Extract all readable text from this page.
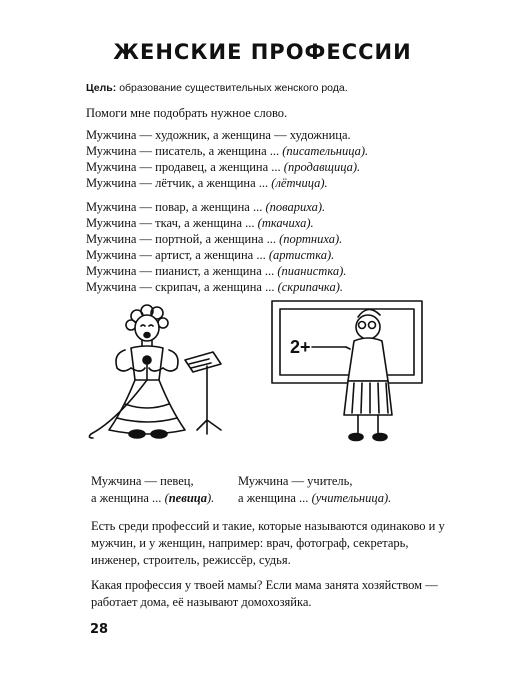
ЖЕНСКИЕ ПРОФЕССИИ
Цель: образование существительных женского рода.
Помоги мне подобрать нужное слово.
Мужчина — художник, а женщина — художница.
Мужчина — писатель, а женщина ... (писательница).
Мужчина — продавец, а женщина ... (продавщица).
Мужчина — лётчик, а женщина ... (лётчица).
Мужчина — повар, а женщина ... (повариха).
Мужчина — ткач, а женщина ... (ткачиха).
Мужчина — портной, а женщина ... (портниха).
Мужчина — артист, а женщина ... (артистка).
Мужчина — пианист, а женщина ... (пианистка).
Мужчина — скрипач, а женщина ... (скрипачка).
2+
Мужчина — певец,
а женщина ... (певица).
Мужчина — учитель,
а женщина ... (учительница).
Есть среди профессий и такие, которые называются одинаково и у мужчин, и у женщин, например: врач, фотограф, секретарь, инженер, строитель, режиссёр, судья.
Какая профессия у твоей мамы? Если мама занята хозяйством — работает дома, её называют домохозяйка.
28
